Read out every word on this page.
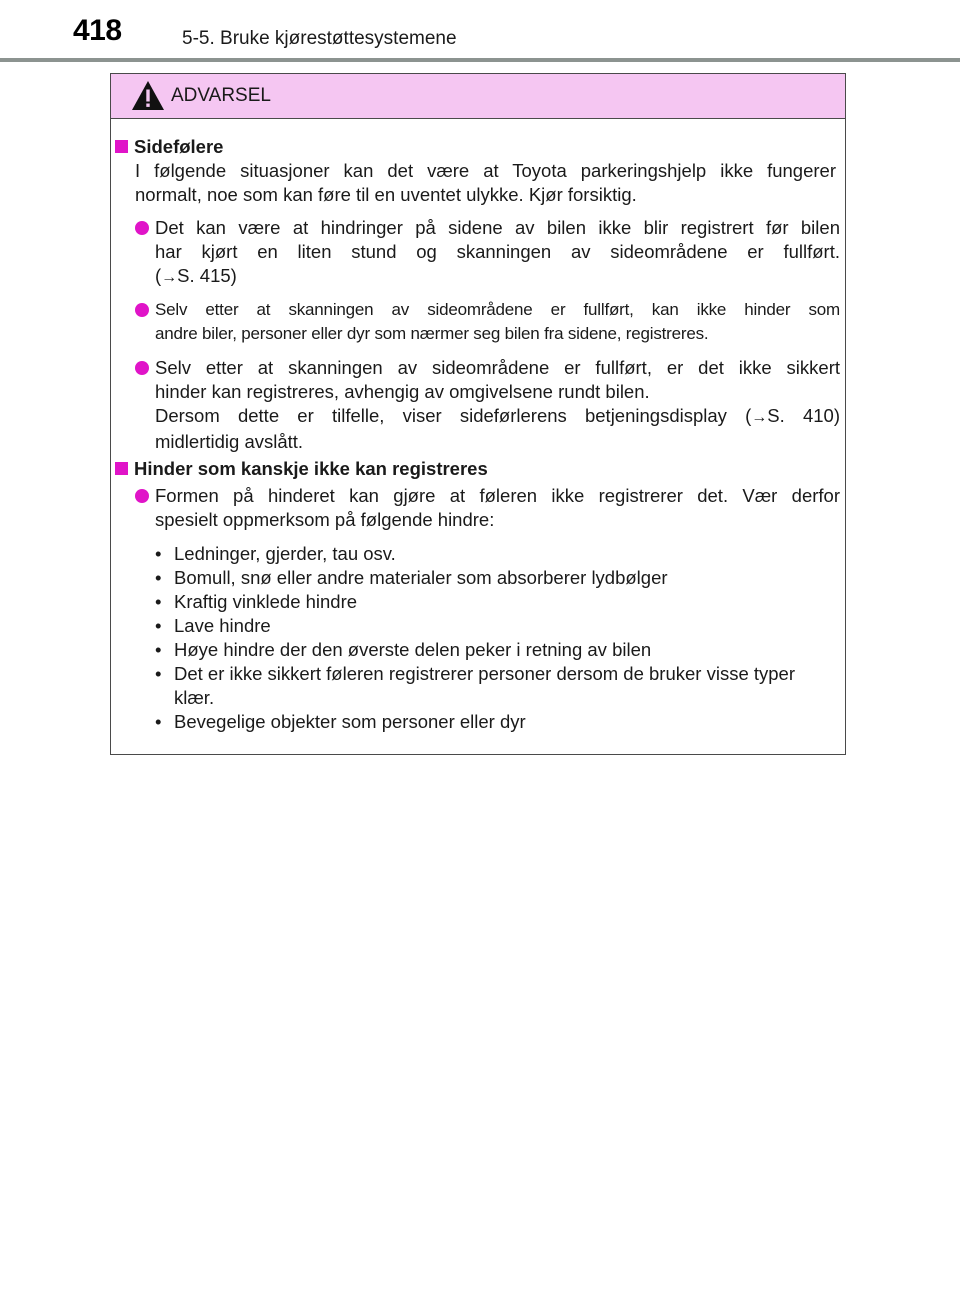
418	5-5. Bruke kjørestøttesystemene
ADVARSEL
Sidefølere
I følgende situasjoner kan det være at Toyota parkeringshjelp ikke fungerer
normalt, noe som kan føre til en uventet ulykke. Kjør forsiktig.
Det kan være at hindringer på sidene av bilen ikke blir registrert før bilen
har kjørt en liten stund og skanningen av sideområdene er fullført.
(→S. 415)
Selv etter at skanningen av sideområdene er fullført, kan ikke hinder som
andre biler, personer eller dyr som nærmer seg bilen fra sidene, registreres.
Selv etter at skanningen av sideområdene er fullført, er det ikke sikkert
hinder kan registreres, avhengig av omgivelsene rundt bilen.
Dersom dette er tilfelle, viser sideførlerens betjeningsdisplay (→S. 410)
midlertidig avslått.
Hinder som kanskje ikke kan registreres
Formen på hinderet kan gjøre at føleren ikke registrerer det. Vær derfor
spesielt oppmerksom på følgende hindre:
• Ledninger, gjerder, tau osv.
• Bomull, snø eller andre materialer som absorberer lydbølger
• Kraftig vinklede hindre
• Lave hindre
• Høye hindre der den øverste delen peker i retning av bilen
• Det er ikke sikkert føleren registrerer personer dersom de bruker visse typer klær.
• Bevegelige objekter som personer eller dyr
